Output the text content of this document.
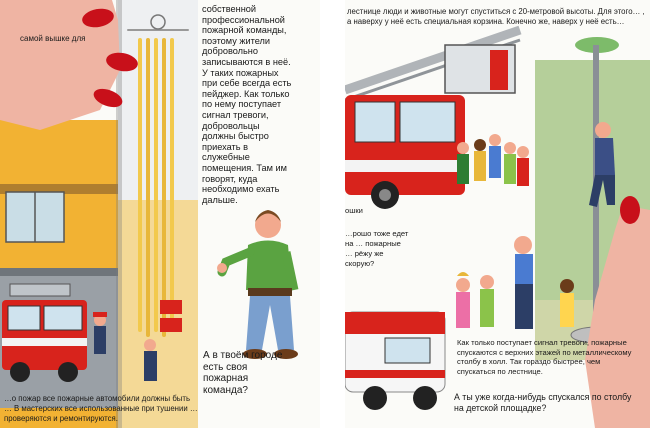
самой вышке для
собственной профессиональной пожарной команды, поэтому жители добровольно записываются в неё. У таких пожарных при себе всегда есть пейджер. Как только по нему поступает сигнал тревоги, добровольцы должны быстро приехать в служебные помещения. Там им говорят, куда необходимо ехать дальше.
А в твоём городе есть своя пожарная команда?
…о пожар все пожарные автомобили должны быть … В мастерских все использованные при тушении … проверяются и ремонтируются.
лестнице люди и животные могут спуститься с 20-метровой высоты. Для этого… , а наверху у неё есть специальная корзина. Конечно же, наверх у неё есть…
ошки
…рошо тоже едет на … пожарные … рёжу же скорую?
Как только поступает сигнал тревоги, пожарные спускаются с верхних этажей по металлическому столбу в холл. Так гораздо быстрее, чем спускаться по лестнице.
А ты уже когда-нибудь спускался по столбу на детской площадке?
